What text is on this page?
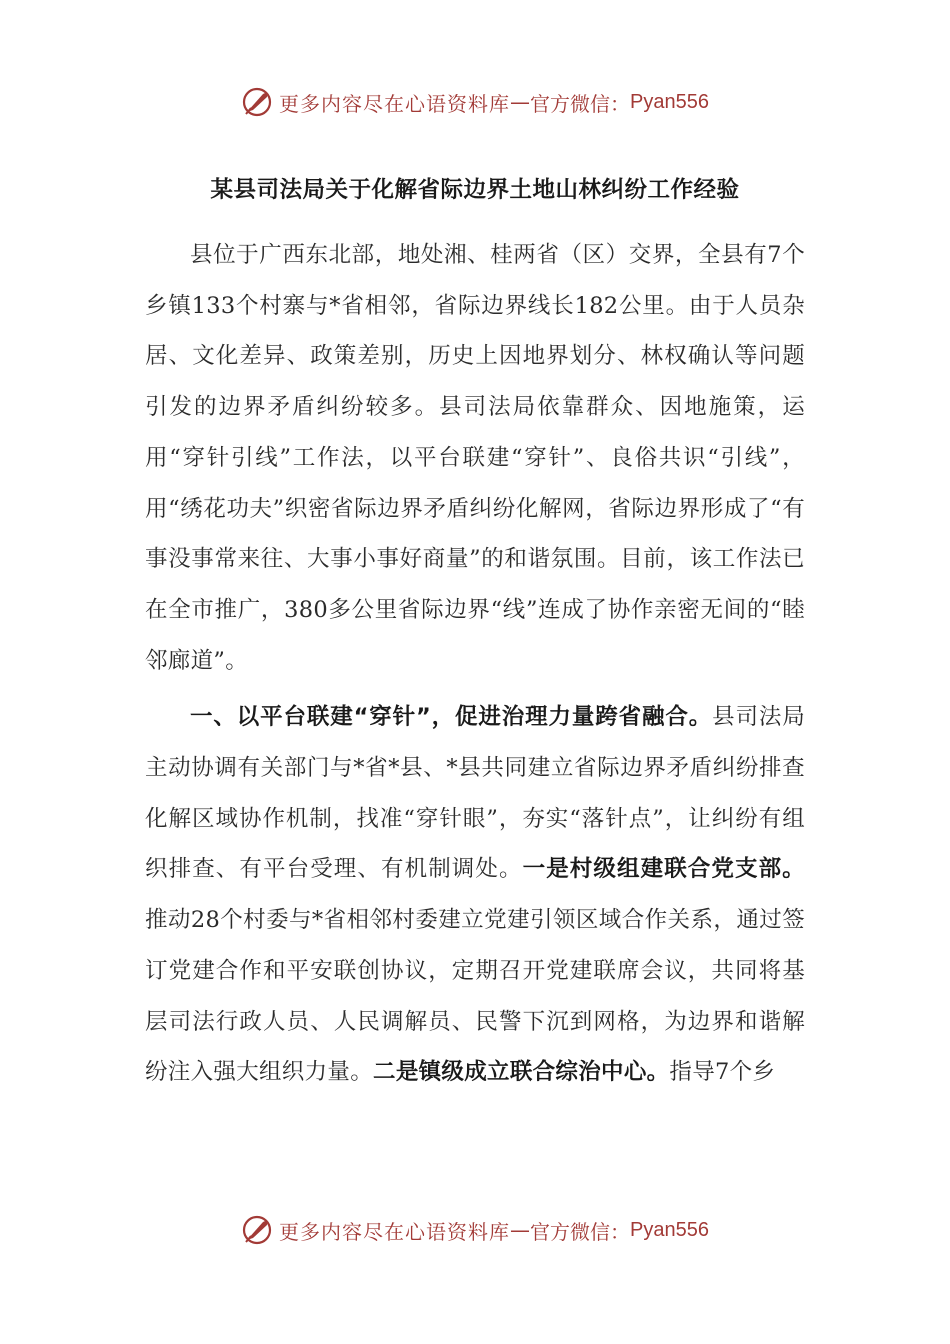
更多内容尽在心语资料库 — 官方微信： Pyan556
某县司法局关于化解省际边界土地山林纠纷工作经验

县位于广西东北部，地处湘、桂两省（区）交界，全县有7个乡镇133个村寨与*省相邻，省际边界线长182公里。由于人员杂居、文化差异、政策差别，历史上因地界划分、林权确认等问题引发的边界矛盾纠纷较多。县司法局依靠群众、因地施策，运用“穿针引线”工作法，以平台联建“穿针”、良俗共识“引线”，用“绣花功夫”织密省际边界矛盾纠纷化解网，省际边界形成了“有事没事常来往、大事小事好商量”的和谐氛围。目前，该工作法已在全市推广，380多公里省际边界“线”连成了协作亲密无间的“睦邻廊道”。

一、以平台联建“穿针”，促进治理力量跨省融合。县司法局主动协调有关部门与*省*县、*县共同建立省际边界矛盾纠纷排查化解区域协作机制，找准“穿针眼”，夯实“落针点”，让纠纷有组织排查、有平台受理、有机制调处。一是村级组建联合党支部。推动28个村委与*省相邻村委建立党建引领区域合作关系，通过签订党建合作和平安联创协议，定期召开党建联席会议，共同将基层司法行政人员、人民调解员、民警下沉到网格，为边界和谐解纷注入强大组织力量。二是镇级成立联合综治中心。指导7个乡

更多内容尽在心语资料库 — 官方微信： Pyan556
